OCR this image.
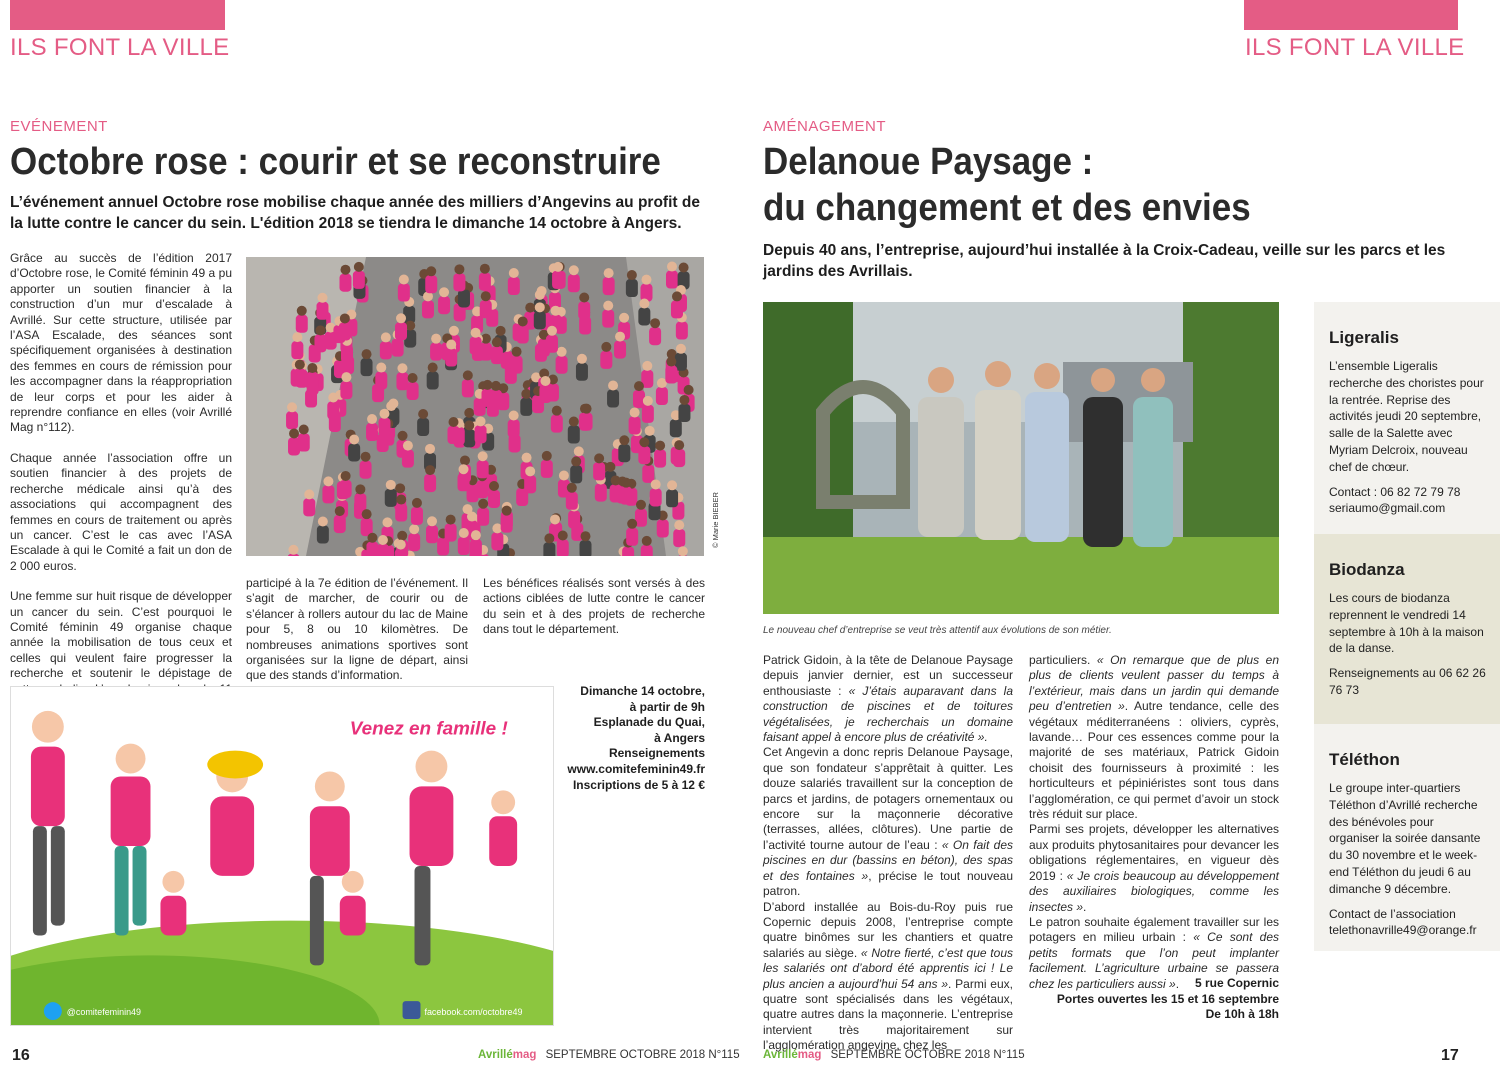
ILS FONT LA VILLE	ILS FONT LA VILLE
EVÉNEMENT
Octobre rose : courir et se reconstruire
L’événement annuel Octobre rose mobilise chaque année des milliers d’Angevins au profit de la lutte contre le cancer du sein. L'édition 2018 se tiendra le dimanche 14 octobre à Angers.

Grâce au succès de l’édition 2017 d’Octobre rose, le Comité féminin 49 a pu apporter un soutien financier à la construction d’un mur d’escalade à Avrillé. Sur cette structure, utilisée par l’ASA Escalade, des séances sont spécifiquement organisées à destination des femmes en cours de rémission pour les accompagner dans la réappropriation de leur corps et pour les aider à reprendre confiance en elles (voir Avrillé Mag n°112).

Chaque année l’association offre un soutien financier à des projets de recherche médicale ainsi qu’à des associations qui accompagnent des femmes en cours de traitement ou après un cancer. C’est le cas avec l’ASA Escalade à qui le Comité a fait un don de 2 000 euros.

Une femme sur huit risque de développer un cancer du sein. C’est pourquoi le Comité féminin 49 organise chaque année la mobilisation de tous ceux et celles qui veulent faire progresser la recherche et soutenir le dépistage de

© Marie BIEBER
participé à la 7e édition de l’événement. Il s’agit de marcher, de courir ou de s’élancer à rollers autour du lac de Maine pour 5, 8 ou 10 kilomètres. De nombreuses animations sportives sont organisées sur la ligne de départ, ainsi que des stands d’information.
Les bénéfices réalisés sont versés à des actions ciblées de lutte contre le cancer du sein et à des projets de recherche dans tout le département.
Venez en famille !
@comitefeminin49	facebook.com/octobre49
Dimanche 14 octobre,
à partir de 9h
Esplanade du Quai,
à Angers
Renseignements
www.comitefeminin49.fr
Inscriptions de 5 à 12 €
AMÉNAGEMENT
Delanoue Paysage :
du changement et des envies
Depuis 40 ans, l’entreprise, aujourd’hui installée à la Croix-Cadeau, veille sur les parcs et les jardins des Avrillais.
Le nouveau chef d’entreprise se veut très attentif aux évolutions de son métier.

Patrick Gidoin, à la tête de Delanoue Paysage depuis janvier dernier, est un successeur enthousiaste : « J’étais auparavant dans la construction de piscines et de toitures végétalisées, je recherchais un domaine faisant appel à encore plus de créativité ».

Cet Angevin a donc repris Delanoue Paysage, que son fondateur s’apprêtait à quitter. Les douze salariés travaillent sur la conception de parcs et jardins, de potagers ornementaux ou encore sur la maçonnerie décorative (terrasses, allées, clôtures). Une partie de l’activité tourne autour de l’eau : « On fait des piscines en dur (bassins en béton), des spas et des fontaines », précise le tout nouveau patron.

D’abord installée au Bois-du-Roy puis rue Copernic depuis 2008, l’entreprise compte quatre binômes sur les chantiers et quatre salariés au siège. « Notre fierté, c’est que tous les salariés ont d’abord été apprentis ici ! Le plus ancien a aujourd’hui 54 ans ». Parmi eux, quatre sont spécialisés dans les végétaux, quatre autres dans la maçonnerie. L’entreprise intervient très majoritairement sur l’agglomération angevine, chez les

particuliers. « On remarque que de plus en plus de clients veulent passer du temps à l’extérieur, mais dans un jardin qui demande peu d’entretien ». Autre tendance, celle des végétaux méditerranéens : oliviers, cyprès, lavande… Pour ces essences comme pour la majorité de ses matériaux, Patrick Gidoin choisit des fournisseurs à proximité : les horticulteurs et pépiniéristes sont tous dans l’agglomération, ce qui permet d’avoir un stock très réduit sur place.

Parmi ses projets, développer les alternatives aux produits phytosanitaires pour devancer les obligations réglementaires, en vigueur dès 2019 : « Je crois beaucoup au développement des auxiliaires biologiques, comme les insectes ».

Le patron souhaite également travailler sur les potagers en milieu urbain : « Ce sont des petits formats que l’on peut implanter facilement. L’agriculture urbaine se passera chez les particuliers aussi ».	5 rue Copernic
Portes ouvertes les 15 et 16 septembre
De 10h à 18h
Ligeralis

L’ensemble Ligeralis recherche des choristes pour la rentrée. Reprise des activités jeudi 20 septembre, salle de la Salette avec Myriam Delcroix, nouveau chef de chœur.

Contact : 06 82 72 79 78 seriaumo@gmail.com

Biodanza

Les cours de biodanza reprennent le vendredi 14 septembre à 10h à la maison de la danse.

Renseignements au 06 62 26 76 73

Téléthon

Le groupe inter-quartiers Téléthon d’Avrillé recherche des bénévoles pour organiser la soirée dansante du 30 novembre et le week-end Téléthon du jeudi 6 au dimanche 9 décembre.

Contact de l’association telethonavrille49@orange.fr

16	Avrillémag SEPTEMBRE OCTOBRE 2018 N°115 Avrillémag SEPTEMBRE OCTOBRE 2018 N°115	17
